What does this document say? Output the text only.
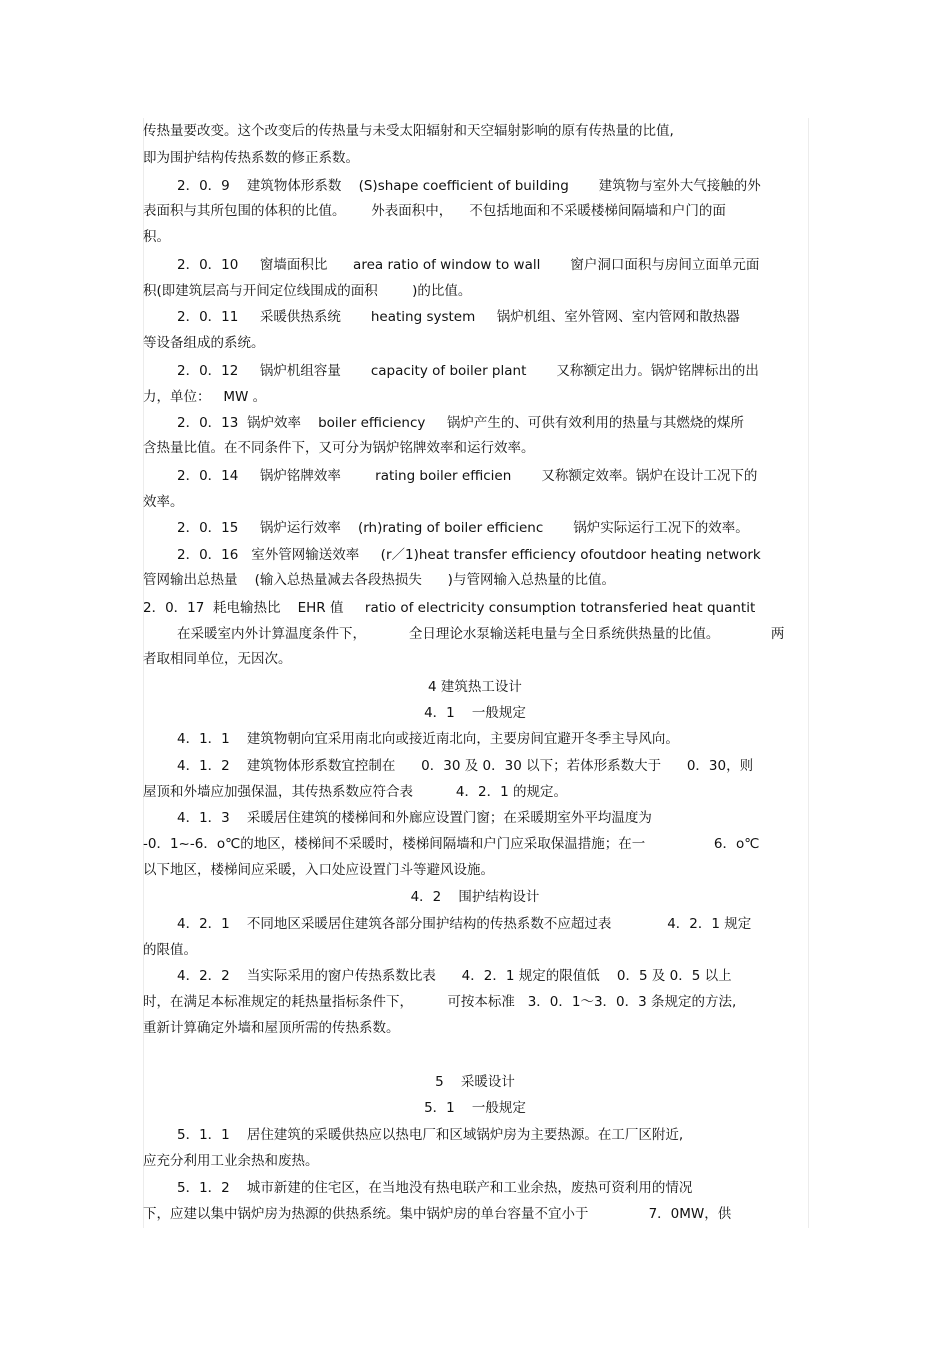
传热量要改变。这个改变后的传热量与未受太阳辐射和天空辐射影响的原有传热量的比值,
即为围护结构传热系数的修正系数。
2．0．9    建筑物体形系数    (S)shape coefficient of building       建筑物与室外大气接触的外
表面积与其所包围的体积的比值。      外表面积中，    不包括地面和不采暖楼梯间隔墙和户门的面
积。
2．0．10     窗墙面积比      area ratio of window to wall       窗户洞口面积与房间立面单元面
积(即建筑层高与开间定位线围成的面积        )的比值。
2．0．11     采暖供热系统       heating system     锅炉机组、室外管网、室内管网和散热器
等设备组成的系统。
2．0．12     锅炉机组容量       capacity of boiler plant       又称额定出力。锅炉铭牌标出的出
力，单位：   MW 。
2．0．13  锅炉效率    boiler efficiency     锅炉产生的、可供有效利用的热量与其燃烧的煤所
含热量比值。在不同条件下，又可分为锅炉铭牌效率和运行效率。
2．0．14     锅炉铭牌效率        rating boiler efficien       又称额定效率。锅炉在设计工况下的
效率。
2．0．15     锅炉运行效率    (rh)rating of boiler efficienc       锅炉实际运行工况下的效率。
2．0．16   室外管网输送效率     (r／1)heat transfer efficiency ofoutdoor heating network
管网输出总热量    (输入总热量减去各段热损失      )与管网输入总热量的比值。
2．0．17  耗电输热比    EHR 值     ratio of electricity consumption totransferied heat quantit
在采暖室内外计算温度条件下，          全日理论水泵输送耗电量与全日系统供热量的比值。            两
者取相同单位，无因次。
4 建筑热工设计
4．1    一般规定
4．1．1    建筑物朝向宜采用南北向或接近南北向，主要房间宜避开冬季主导风向。
4．1．2    建筑物体形系数宜控制在      0．30 及 0．30 以下；若体形系数大于      0．30，则
屋顶和外墙应加强保温，其传热系数应符合表          4．2．1 的规定。
4．1．3    采暖居住建筑的楼梯间和外廊应设置门窗；在采暖期室外平均温度为
-0．1~-6．o℃的地区，楼梯间不采暖时，楼梯间隔墙和户门应采取保温措施；在一                6．o℃
以下地区，楼梯间应采暖，入口处应设置门斗等避风设施。
4．2    围护结构设计
4．2．1    不同地区采暖居住建筑各部分围护结构的传热系数不应超过表             4．2．1 规定
的限值。
4．2．2    当实际采用的窗户传热系数比表      4．2．1 规定的限值低    0．5 及 0．5 以上
时，在满足本标准规定的耗热量指标条件下，        可按本标准   3．0．1～3．0．3 条规定的方法,
重新计算确定外墙和屋顶所需的传热系数。
5    采暖设计
5．1    一般规定
5．1．1    居住建筑的采暖供热应以热电厂和区域锅炉房为主要热源。在工厂区附近,
应充分利用工业余热和废热。
5．1．2    城市新建的住宅区，在当地没有热电联产和工业余热，废热可资利用的情况
下，应建以集中锅炉房为热源的供热系统。集中锅炉房的单台容量不宜小于              7．0MW，供
